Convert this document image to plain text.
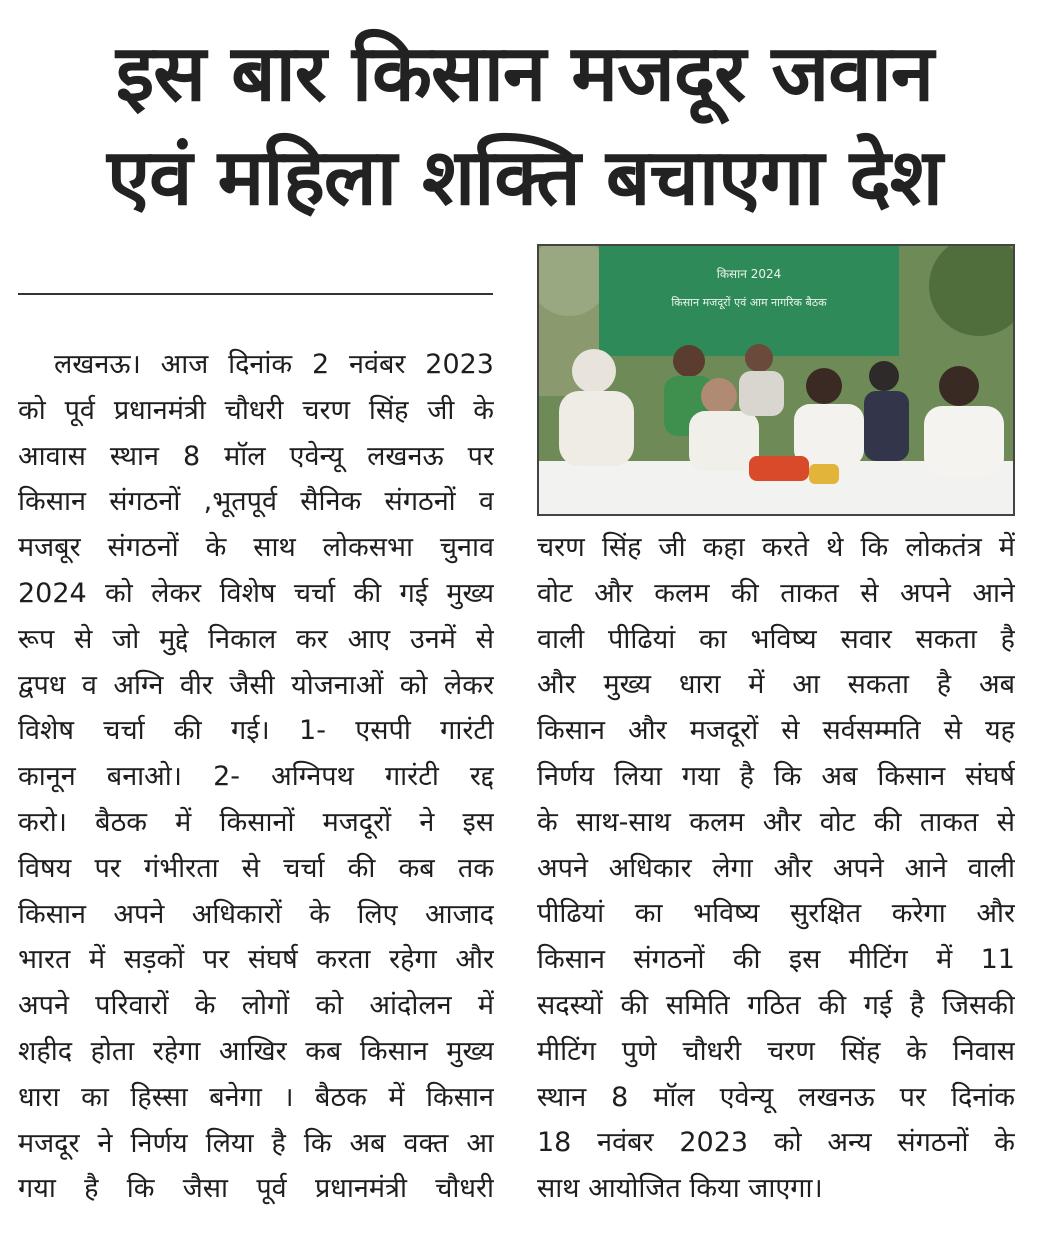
इस बार किसान मजदूर जवान
एवं महिला शक्ति बचाएगा देश
किसान 2024
किसान मजदूरों एवं आम नागरिक बैठक
लखनऊ। आज दिनांक 2 नवंबर 2023
को पूर्व प्रधानमंत्री चौधरी चरण सिंह जी के
आवास स्थान 8 मॉल एवेन्यू लखनऊ पर
किसान संगठनों ,भूतपूर्व सैनिक संगठनों व
मजबूर संगठनों के साथ लोकसभा चुनाव
2024 को लेकर विशेष चर्चा की गई मुख्य
रूप से जो मुद्दे निकाल कर आए उनमें से
द्वपध व अग्नि वीर जैसी योजनाओं को लेकर
विशेष चर्चा की गई। 1- एसपी गारंटी
कानून बनाओ। 2- अग्निपथ गारंटी रद्द
करो। बैठक में किसानों मजदूरों ने इस
विषय पर गंभीरता से चर्चा की कब तक
किसान अपने अधिकारों के लिए आजाद
भारत में सड़कों पर संघर्ष करता रहेगा और
अपने परिवारों के लोगों को आंदोलन में
शहीद होता रहेगा आखिर कब किसान मुख्य
धारा का हिस्सा बनेगा । बैठक में किसान
मजदूर ने निर्णय लिया है कि अब वक्त आ
गया है कि जैसा पूर्व प्रधानमंत्री चौधरी
चरण सिंह जी कहा करते थे कि लोकतंत्र में
वोट और कलम की ताकत से अपने आने
वाली पीढियां का भविष्य सवार सकता है
और मुख्य धारा में आ सकता है अब
किसान और मजदूरों से सर्वसम्मति से यह
निर्णय लिया गया है कि अब किसान संघर्ष
के साथ-साथ कलम और वोट की ताकत से
अपने अधिकार लेगा और अपने आने वाली
पीढियां का भविष्य सुरक्षित करेगा और
किसान संगठनों की इस मीटिंग में 11
सदस्यों की समिति गठित की गई है जिसकी
मीटिंग पुणे चौधरी चरण सिंह के निवास
स्थान 8 मॉल एवेन्यू लखनऊ पर दिनांक
18 नवंबर 2023 को अन्य संगठनों के
साथ आयोजित किया जाएगा।
